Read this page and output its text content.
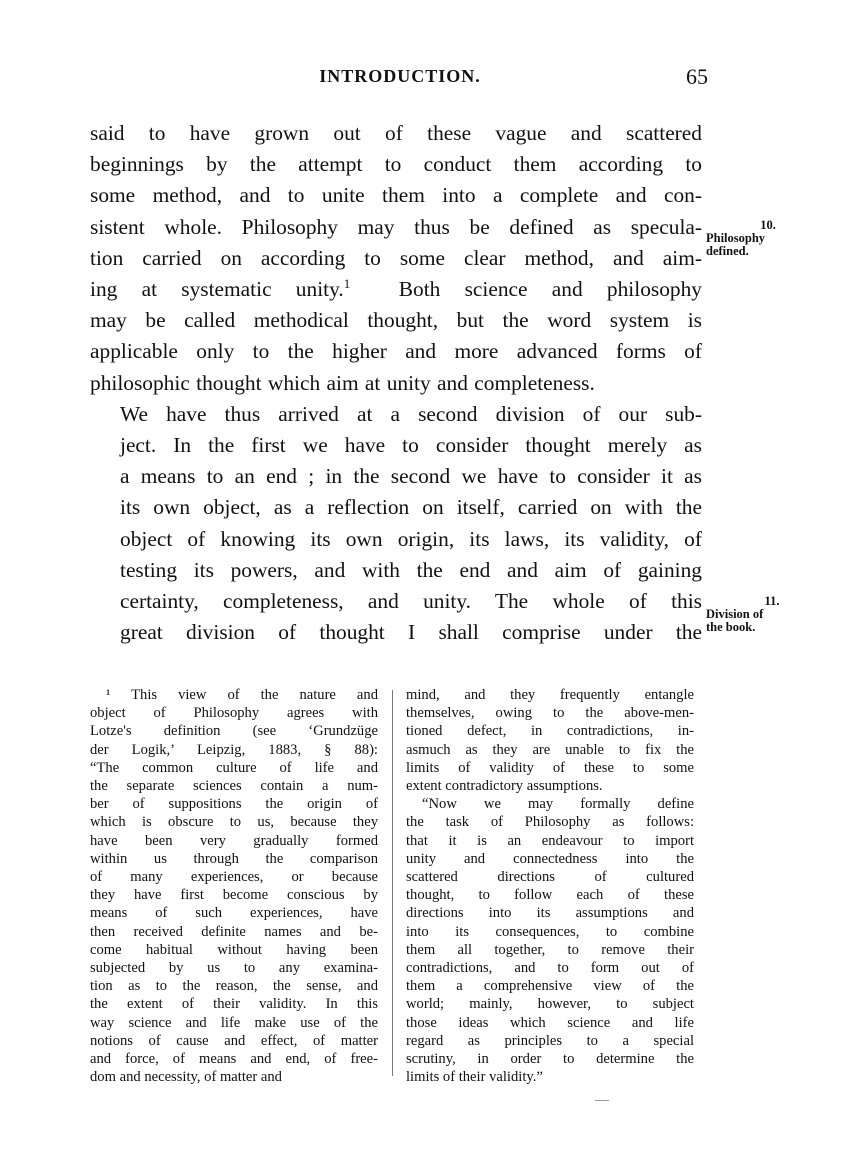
INTRODUCTION.	65
said to have grown out of these vague and scattered
beginnings by the attempt to conduct them according to
some method, and to unite them into a complete and con-
sistent whole. Philosophy may thus be defined as specula-
tion carried on according to some clear method, and aim-
ing at systematic unity.$^1$ Both science and philosophy
may be called methodical thought, but the word system is
applicable only to the higher and more advanced forms of
philosophic thought which aim at unity and completeness.
We have thus arrived at a second division of our sub-
ject. In the first we have to consider thought merely as
a means to an end ; in the second we have to consider it as
its own object, as a reflection on itself, carried on with the
object of knowing its own origin, its laws, its validity, of
testing its powers, and with the end and aim of gaining
certainty, completeness, and unity. The whole of this
great division of thought I shall comprise under the
10.
Philosophy
defined.
11.
Division of
the book.
¹ This view of the nature and
object of Philosophy agrees with
Lotze's definition (see ‘Grundzüge
der Logik,’ Leipzig, 1883, § 88):
“The common culture of life and
the separate sciences contain a num-
ber of suppositions the origin of
which is obscure to us, because they
have been very gradually formed
within us through the comparison
of many experiences, or because
they have first become conscious by
means of such experiences, have
then received definite names and be-
come habitual without having been
subjected by us to any examina-
tion as to the reason, the sense, and
the extent of their validity. In this
way science and life make use of the
notions of cause and effect, of matter
and force, of means and end, of free-
dom and necessity, of matter and
mind, and they frequently entangle
themselves, owing to the above-men-
tioned defect, in contradictions, in-
asmuch as they are unable to fix the
limits of validity of these to some
extent contradictory assumptions.
“Now we may formally define
the task of Philosophy as follows:
that it is an endeavour to import
unity and connectedness into the
scattered directions of cultured
thought, to follow each of these
directions into its assumptions and
into its consequences, to combine
them all together, to remove their
contradictions, and to form out of
them a comprehensive view of the
world; mainly, however, to subject
those ideas which science and life
regard as principles to a special
scrutiny, in order to determine the
limits of their validity.”
